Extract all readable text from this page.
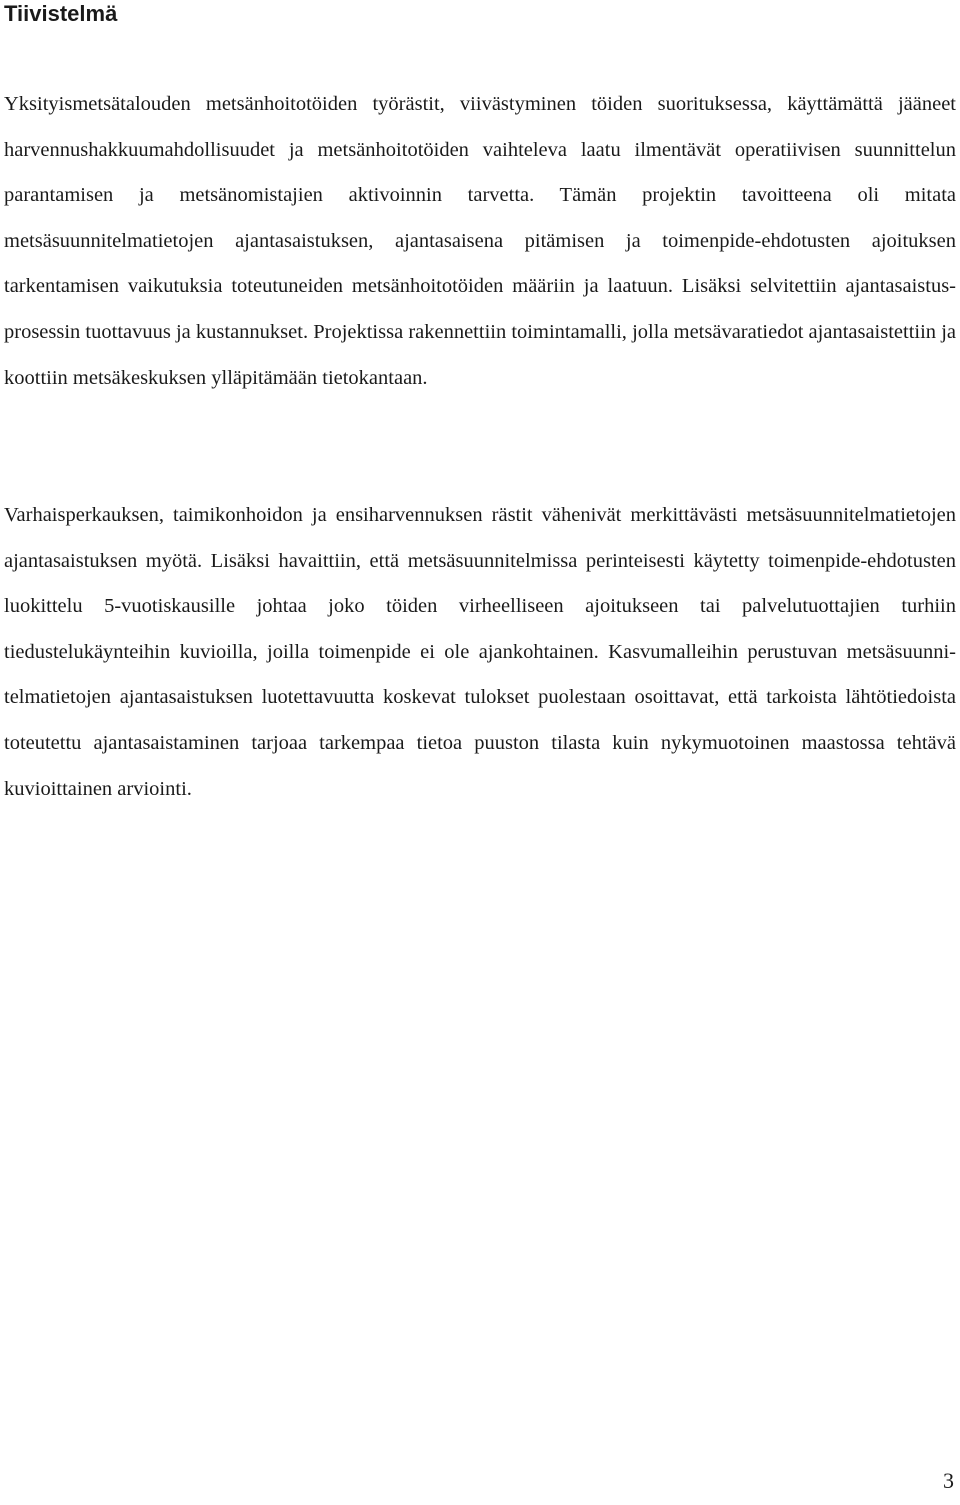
Tiivistelmä

Yksityismetsätalouden metsänhoitotöiden työrästit, viivästyminen töiden suorituksessa, käyttämättä jääneet harvennushakkuumahdollisuudet ja metsänhoitotöiden vaihteleva laatu ilmentävät operatiivisen suunnittelun parantamisen ja metsänomistajien aktivoinnin tarvetta. Tämän projektin tavoitteena oli mitata metsäsuunnitelmatietojen ajantasaistuksen, ajantasaisena pitämisen ja toimenpide-ehdotusten ajoituksen tarkentamisen vaikutuksia toteutuneiden metsänhoitotöiden määriin ja laatuun. Lisäksi selvitettiin ajantasaistusprosessin tuottavuus ja kustannukset. Projektissa rakennettiin toimintamalli, jolla metsävaratiedot ajantasaistettiin ja koottiin metsäkeskuksen ylläpitämään tietokantaan.

Varhaisperkauksen, taimikonhoidon ja ensiharvennuksen rästit vähenivät merkittävästi metsäsuunnitelmatietojen ajantasaistuksen myötä. Lisäksi havaittiin, että metsäsuunnitelmissa perinteisesti käytetty toimenpide-ehdotusten luokittelu 5-vuotiskausille johtaa joko töiden virheelliseen ajoitukseen tai palvelutuottajien turhiin tiedustelukäynteihin kuvioilla, joilla toimenpide ei ole ajankohtainen. Kasvumalleihin perustuvan metsäsuunnitelmatietojen ajantasaistuksen luotettavuutta koskevat tulokset puolestaan osoittavat, että tarkoista lähtötiedoista toteutettu ajantasaistaminen tarjoaa tarkempaa tietoa puuston tilasta kuin nykymuotoinen maastossa tehtävä kuvioittainen arviointi.

3
